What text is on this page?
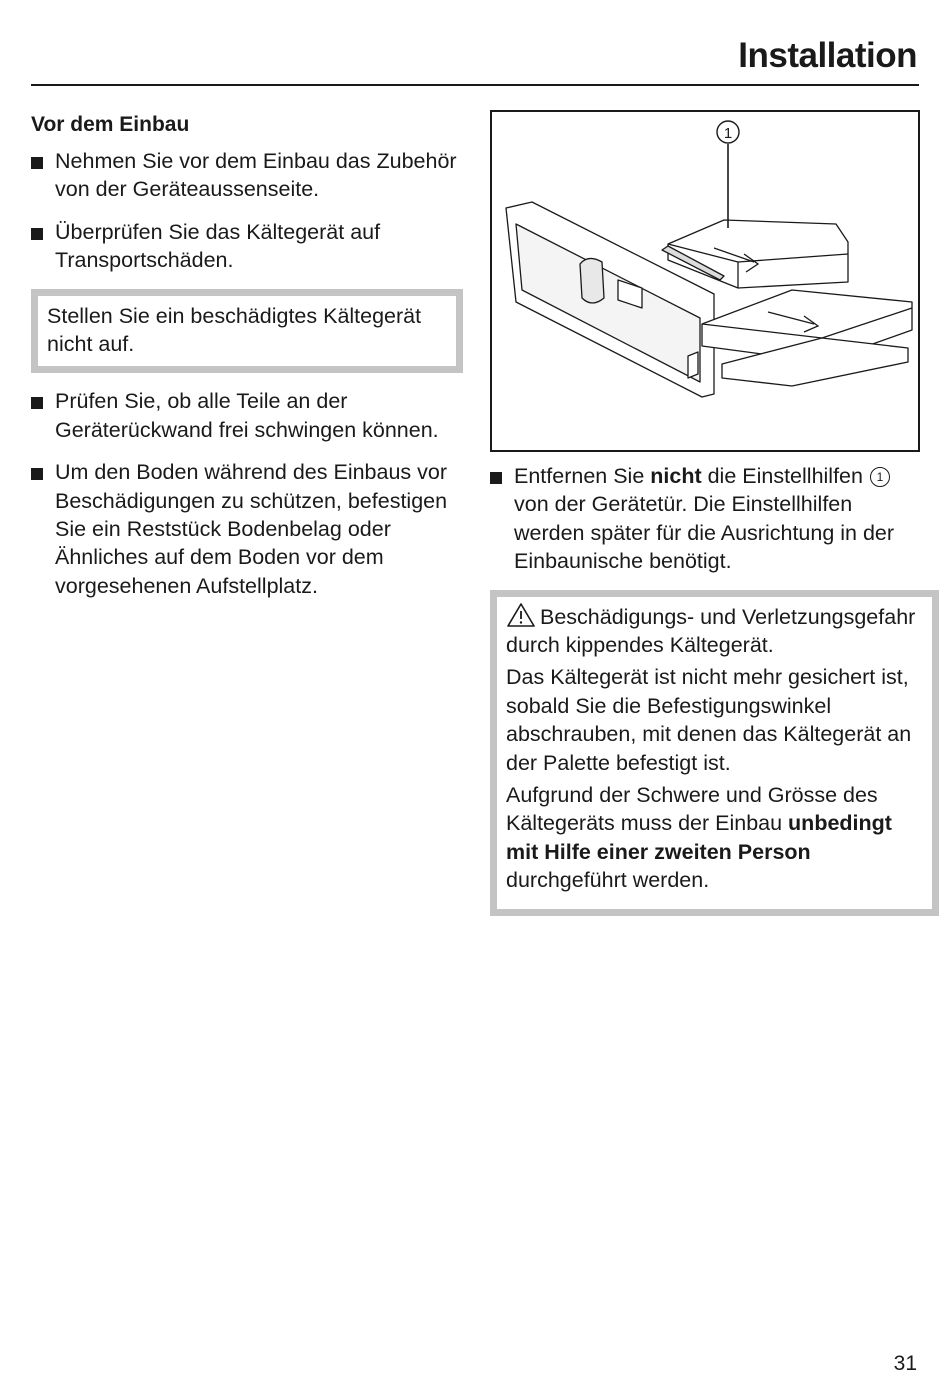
Installation
Vor dem Einbau
Nehmen Sie vor dem Einbau das Zubehör von der Geräteaussenseite.
Überprüfen Sie das Kältegerät auf Transportschäden.
Stellen Sie ein beschädigtes Kältegerät nicht auf.
Prüfen Sie, ob alle Teile an der Geräterückwand frei schwingen können.
Um den Boden während des Einbaus vor Beschädigungen zu schützen, befestigen Sie ein Reststück Bodenbelag oder Ähnliches auf dem Boden vor dem vorgesehenen Aufstellplatz.
1
Entfernen Sie nicht die Einstellhilfen 1 von der Gerätetür. Die Einstellhilfen werden später für die Ausrichtung in der Einbaunische benötigt.

Beschädigungs- und Verletzungsgefahr durch kippendes Kältegerät.

Das Kältegerät ist nicht mehr gesichert ist, sobald Sie die Befestigungswinkel abschrauben, mit denen das Kältegerät an der Palette befestigt ist.

Aufgrund der Schwere und Grösse des Kältegeräts muss der Einbau unbedingt mit Hilfe einer zweiten Person durchgeführt werden.

31
